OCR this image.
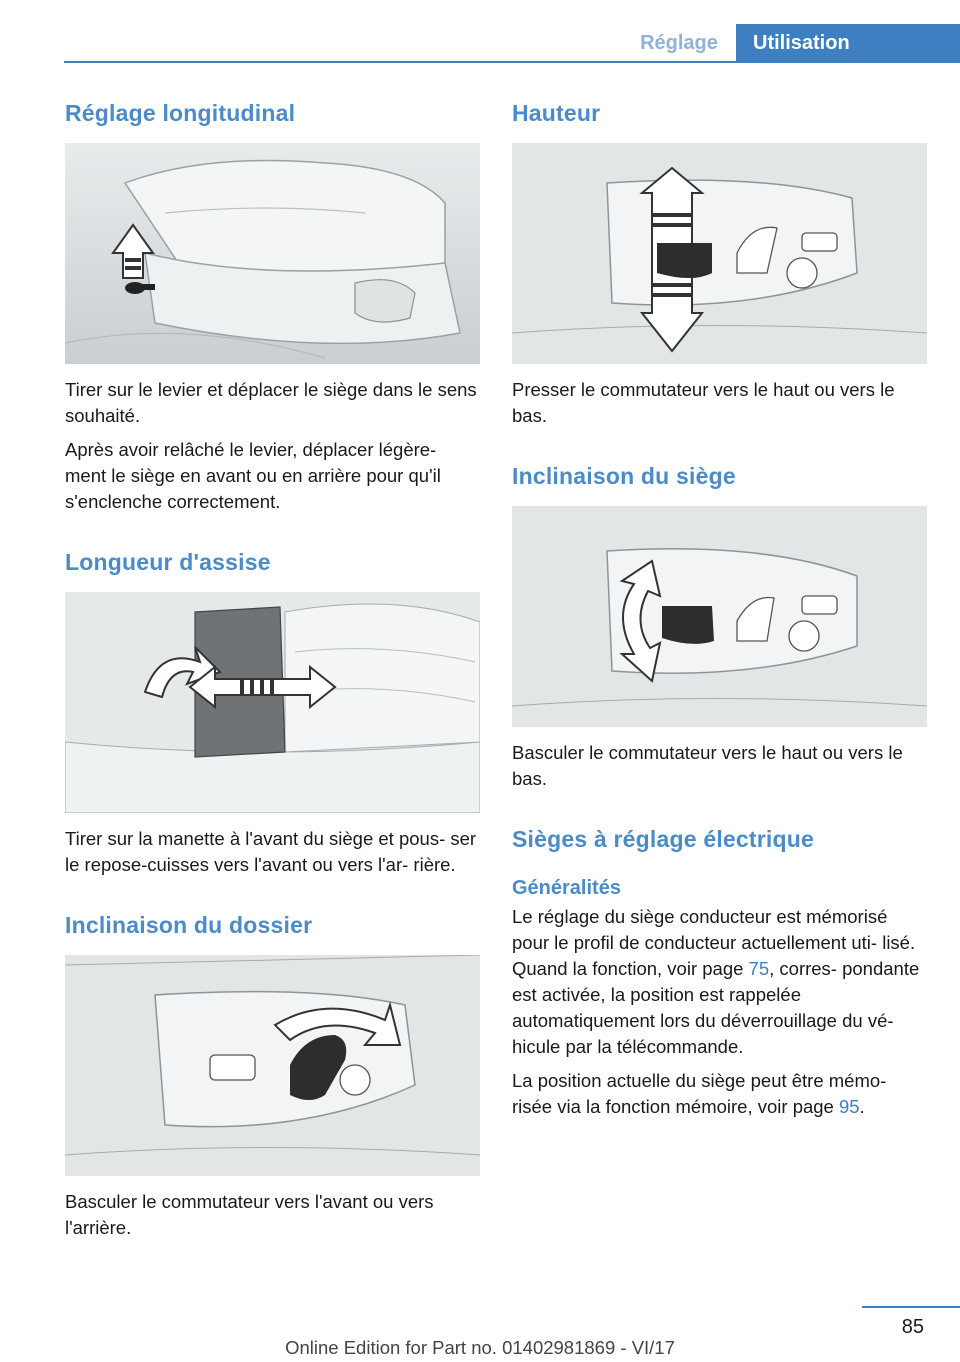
Réglage	Utilisation
Réglage longitudinal

Tirer sur le levier et déplacer le siège dans le sens souhaité.

Après avoir relâché le levier, déplacer légère‐ ment le siège en avant ou en arrière pour qu'il s'enclenche correctement.

Longueur d'assise

Tirer sur la manette à l'avant du siège et pous‐ ser le repose-cuisses vers l'avant ou vers l'ar‐ rière.

Inclinaison du dossier

Basculer le commutateur vers l'avant ou vers l'arrière.

Hauteur

Presser le commutateur vers le haut ou vers le bas.

Inclinaison du siège

Basculer le commutateur vers le haut ou vers le bas.

Sièges à réglage électrique
Généralités

Le réglage du siège conducteur est mémorisé pour le profil de conducteur actuellement uti‐ lisé. Quand la fonction, voir page 75, corres‐ pondante est activée, la position est rappelée automatiquement lors du déverrouillage du vé‐ hicule par la télécommande.

La position actuelle du siège peut être mémo‐ risée via la fonction mémoire, voir page 95.

85
Online Edition for Part no. 01402981869 - VI/17
